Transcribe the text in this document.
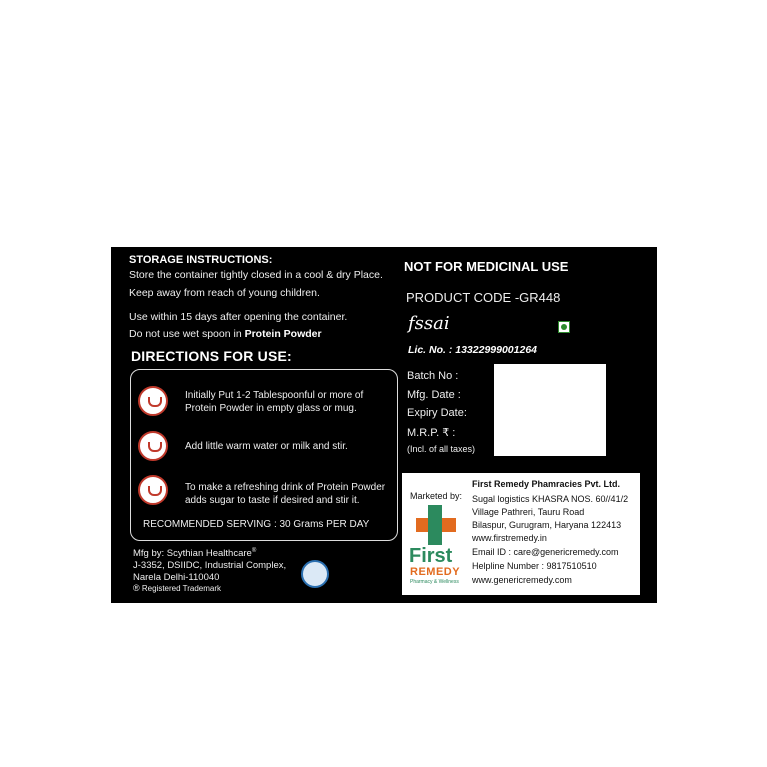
STORAGE INSTRUCTIONS:
Store the container tightly closed in a cool & dry Place.
Keep away from reach of young children.
Use within 15 days after opening the container.
Do not use wet spoon in Protein Powder
DIRECTIONS FOR USE:
Initially Put 1-2 Tablespoonful or more of
Protein Powder in empty glass or mug.
Add little warm water or milk and stir.
To make a refreshing drink of Protein Powder
adds sugar to taste if desired and stir it.
RECOMMENDED SERVING : 30 Grams PER DAY
Mfg by: Scythian Healthcare®
J-3352, DSIIDC, Industrial Complex,
Narela Delhi-110040
® Registered Trademark
NOT FOR MEDICINAL USE
PRODUCT CODE -GR448
fssai
Lic. No. : 13322999001264
Batch No :
Mfg. Date :
Expiry Date:
M.R.P. ₹ :
(Incl. of all taxes)
Marketed by:
First
REMEDY
Pharmacy & Wellness
First Remedy Phamracies Pvt. Ltd.
Sugal logistics KHASRA NOS. 60//41/2
Village Pathreri, Tauru Road
Bilaspur, Gurugram, Haryana 122413
www.firstremedy.in
Email ID : care@genericremedy.com
Helpline Number : 9817510510
www.genericremedy.com
